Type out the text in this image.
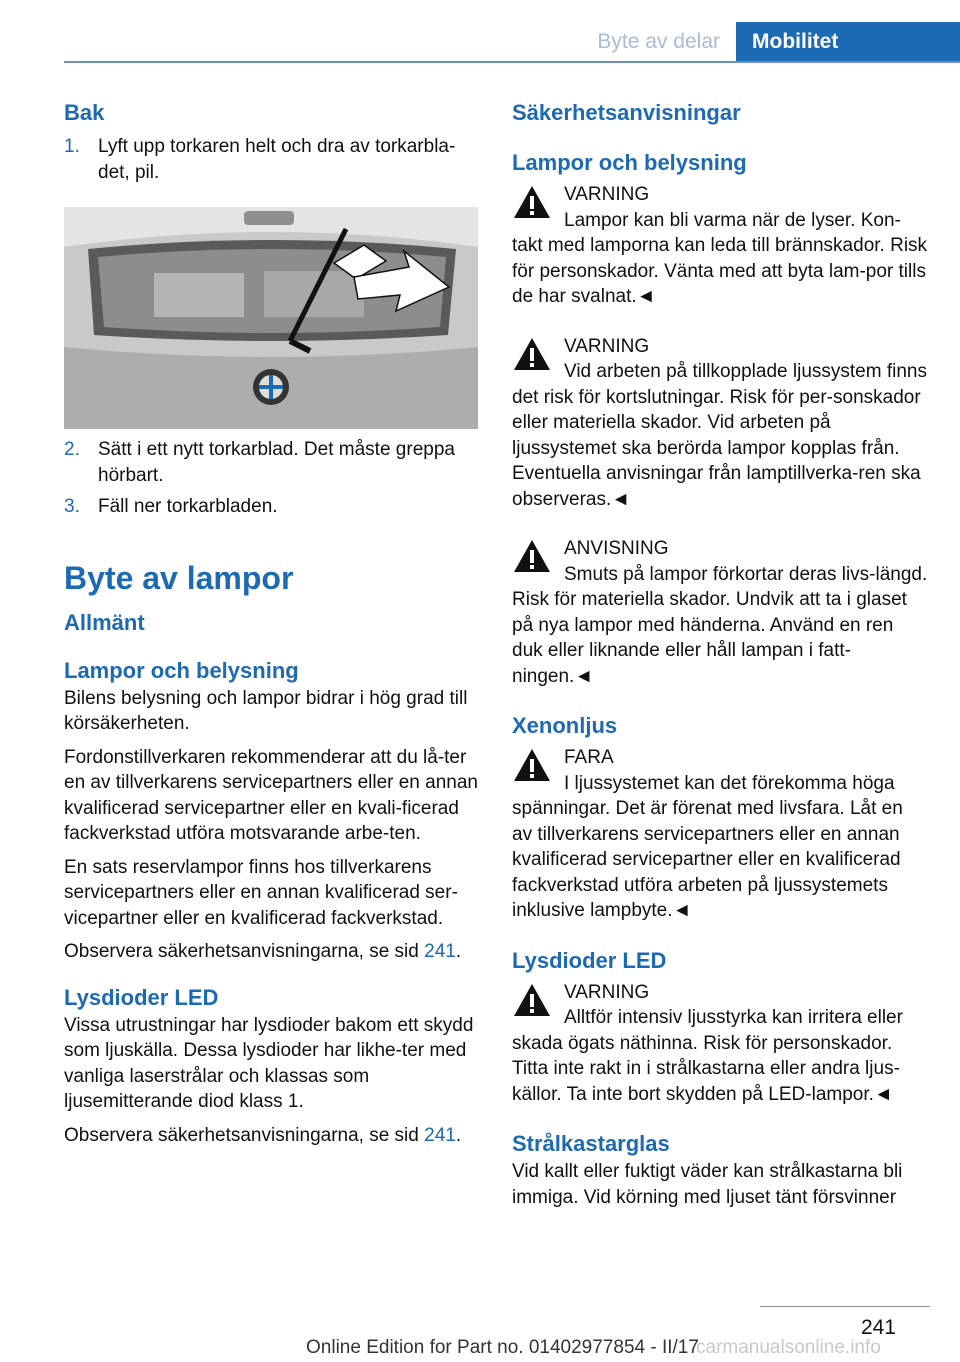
Byte av delar	Mobilitet
Bak
1. Lyft upp torkaren helt och dra av torkarbla‐det, pil.
2. Sätt i ett nytt torkarblad. Det måste greppa hörbart.
3. Fäll ner torkarbladen.
Byte av lampor
Allmänt
Lampor och belysning

Bilens belysning och lampor bidrar i hög grad till körsäkerheten.

Fordonstillverkaren rekommenderar att du lå‐ter en av tillverkarens servicepartners eller en annan kvalificerad servicepartner eller en kvali‐ficerad fackverkstad utföra motsvarande arbe‐ten.

En sats reservlampor finns hos tillverkarens servicepartners eller en annan kvalificerad ser‐vicepartner eller en kvalificerad fackverkstad.

Observera säkerhetsanvisningarna, se sid 241.

Lysdioder LED

Vissa utrustningar har lysdioder bakom ett skydd som ljuskälla. Dessa lysdioder har likhe‐ter med vanliga laserstrålar och klassas som ljusemitterande diod klass 1.

Observera säkerhetsanvisningarna, se sid 241.

Säkerhetsanvisningar
Lampor och belysning
VARNING
Lampor kan bli varma när de lyser. Kon‐takt med lamporna kan leda till brännskador. Risk för personskador. Vänta med att byta lam‐por tills de har svalnat.◄
VARNING
Vid arbeten på tillkopplade ljussystem finns det risk för kortslutningar. Risk för per‐sonskador eller materiella skador. Vid arbeten på ljussystemet ska berörda lampor kopplas från. Eventuella anvisningar från lamptillverka‐ren ska observeras.◄
ANVISNING
Smuts på lampor förkortar deras livs‐längd. Risk för materiella skador. Undvik att ta i glaset på nya lampor med händerna. Använd en ren duk eller liknande eller håll lampan i fatt‐ningen.◄
Xenonljus
FARA
I ljussystemet kan det förekomma höga spänningar. Det är förenat med livsfara. Låt en av tillverkarens servicepartners eller en annan kvalificerad servicepartner eller en kvalificerad fackverkstad utföra arbeten på ljussystemets inklusive lampbyte.◄
Lysdioder LED
VARNING
Alltför intensiv ljusstyrka kan irritera eller skada ögats näthinna. Risk för personskador. Titta inte rakt in i strålkastarna eller andra ljus‐källor. Ta inte bort skydden på LED-lampor.◄
Strålkastarglas

Vid kallt eller fuktigt väder kan strålkastarna bli immiga. Vid körning med ljuset tänt försvinner

241
Online Edition for Part no. 01402977854 - II/17
carmanualsonline.info
